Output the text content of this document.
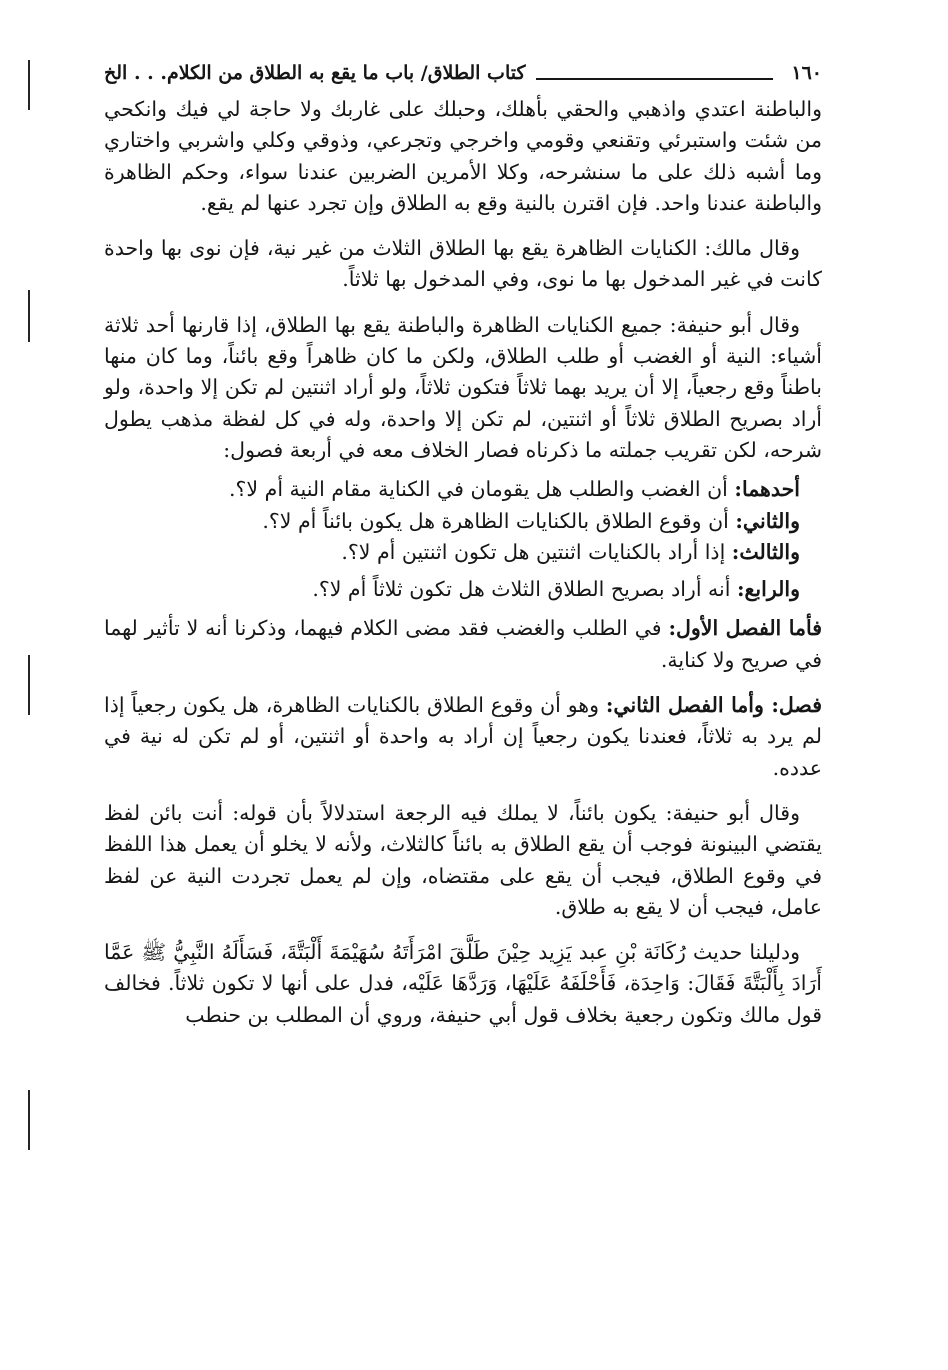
١٦٠
كتاب الطلاق/ باب ما يقع به الطلاق من الكلام. . . الخ

والباطنة اعتدي واذهبي والحقي بأهلك، وحبلك على غاربك ولا حاجة لي فيك وانكحي من شئت واستبرئي وتقنعي وقومي واخرجي وتجرعي، وذوقي وكلي واشربي واختاري وما أشبه ذلك على ما سنشرحه، وكلا الأمرين الضربين عندنا سواء، وحكم الظاهرة والباطنة عندنا واحد. فإن اقترن بالنية وقع به الطلاق وإن تجرد عنها لم يقع.

وقال مالك: الكنايات الظاهرة يقع بها الطلاق الثلاث من غير نية، فإن نوى بها واحدة كانت في غير المدخول بها ما نوى، وفي المدخول بها ثلاثاً.

وقال أبو حنيفة: جميع الكنايات الظاهرة والباطنة يقع بها الطلاق، إذا قارنها أحد ثلاثة أشياء: النية أو الغضب أو طلب الطلاق، ولكن ما كان ظاهراً وقع بائناً، وما كان منها باطناً وقع رجعياً، إلا أن يريد بهما ثلاثاً فتكون ثلاثاً، ولو أراد اثنتين لم تكن إلا واحدة، ولو أراد بصريح الطلاق ثلاثاً أو اثنتين، لم تكن إلا واحدة، وله في كل لفظة مذهب يطول شرحه، لكن تقريب جملته ما ذكرناه فصار الخلاف معه في أربعة فصول:

أحدهما: أن الغضب والطلب هل يقومان في الكناية مقام النية أم لا؟.
والثاني: أن وقوع الطلاق بالكنايات الظاهرة هل يكون بائناً أم لا؟.
والثالث: إذا أراد بالكنايات اثنتين هل تكون اثنتين أم لا؟.
والرابع: أنه أراد بصريح الطلاق الثلاث هل تكون ثلاثاً أم لا؟.

فأما الفصل الأول: في الطلب والغضب فقد مضى الكلام فيهما، وذكرنا أنه لا تأثير لهما في صريح ولا كناية.

فصل: وأما الفصل الثاني: وهو أن وقوع الطلاق بالكنايات الظاهرة، هل يكون رجعياً إذا لم يرد به ثلاثاً، فعندنا يكون رجعياً إن أراد به واحدة أو اثنتين، أو لم تكن له نية في عدده.

وقال أبو حنيفة: يكون بائناً، لا يملك فيه الرجعة استدلالاً بأن قوله: أنت بائن لفظ يقتضي البينونة فوجب أن يقع الطلاق به بائناً كالثلاث، ولأنه لا يخلو أن يعمل هذا اللفظ في وقوع الطلاق، فيجب أن يقع على مقتضاه، وإن لم يعمل تجردت النية عن لفظ عامل، فيجب أن لا يقع به طلاق.

ودليلنا حديث رُكَانَة بْنِ عبد يَزِيد حِيْنَ طَلَّقَ امْرَأَتَهُ سُهَيْمَةَ أَلْبَتَّةَ، فَسَأَلَهُ النَّبِيُّ ﷺ عَمَّا أَرَادَ بِأَلْبَتَّةَ فَقَالَ: وَاحِدَة، فَأَحْلَفَهُ عَلَيْهَا، وَرَدَّهَا عَلَيْه، فدل على أنها لا تكون ثلاثاً. فخالف قول مالك وتكون رجعية بخلاف قول أبي حنيفة، وروي أن المطلب بن حنطب
